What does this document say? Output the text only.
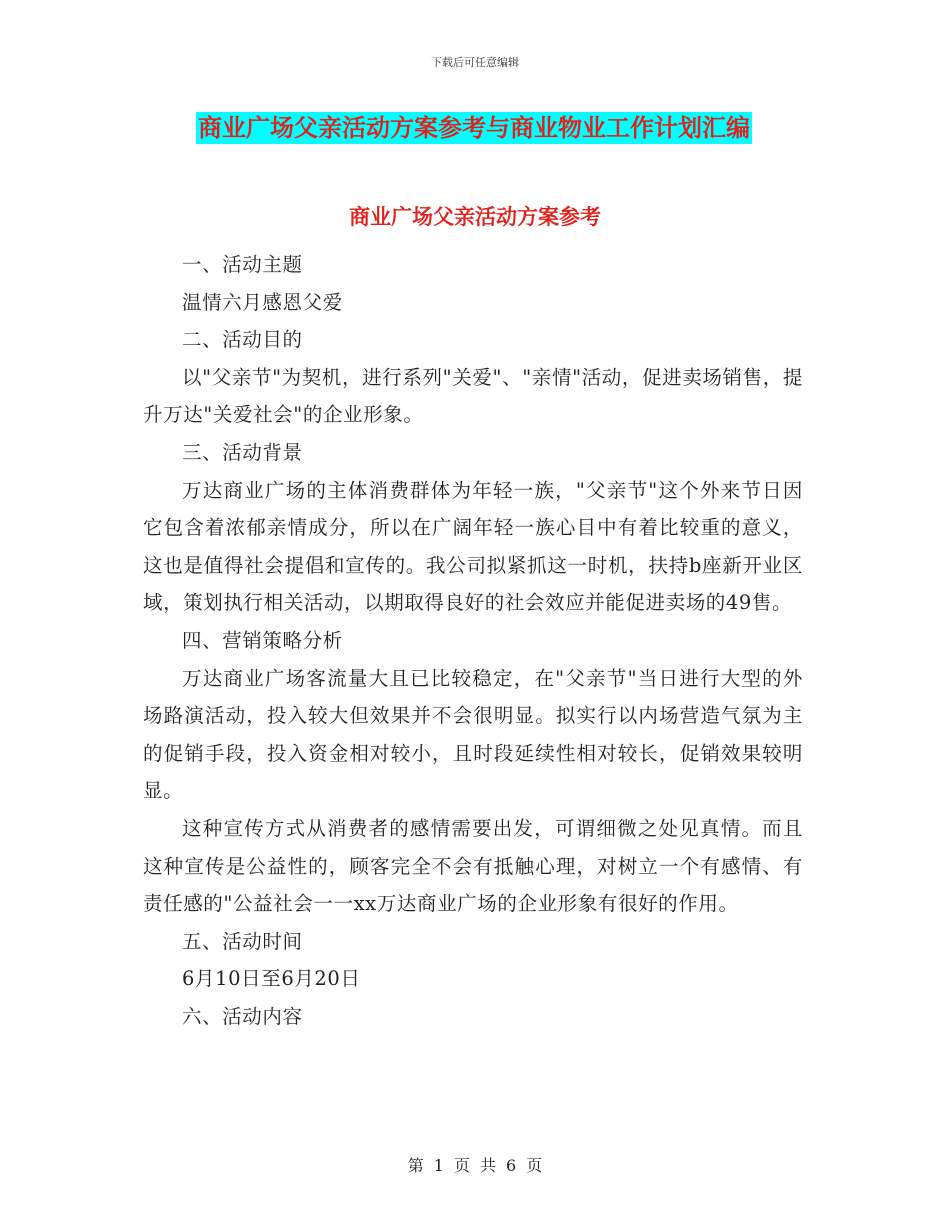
下载后可任意编辑
商业广场父亲活动方案参考与商业物业工作计划汇编
商业广场父亲活动方案参考

一、活动主题

温情六月感恩父爱

二、活动目的

以"父亲节"为契机，进行系列"关爱"、"亲情"活动，促进卖场销售，提升万达"关爱社会"的企业形象。

三、活动背景

万达商业广场的主体消费群体为年轻一族，"父亲节"这个外来节日因它包含着浓郁亲情成分，所以在广阔年轻一族心目中有着比较重的意义，这也是值得社会提倡和宣传的。我公司拟紧抓这一时机，扶持b座新开业区域，策划执行相关活动，以期取得良好的社会效应并能促进卖场的49售。

四、营销策略分析

万达商业广场客流量大且已比较稳定，在"父亲节"当日进行大型的外场路演活动，投入较大但效果并不会很明显。拟实行以内场营造气氛为主的促销手段，投入资金相对较小，且时段延续性相对较长，促销效果较明显。

这种宣传方式从消费者的感情需要出发，可谓细微之处见真情。而且这种宣传是公益性的，顾客完全不会有抵触心理，对树立一个有感情、有责任感的"公益社会一一xx万达商业广场的企业形象有很好的作用。

五、活动时间

6月10日至6月20日

六、活动内容

第 1 页 共 6 页
